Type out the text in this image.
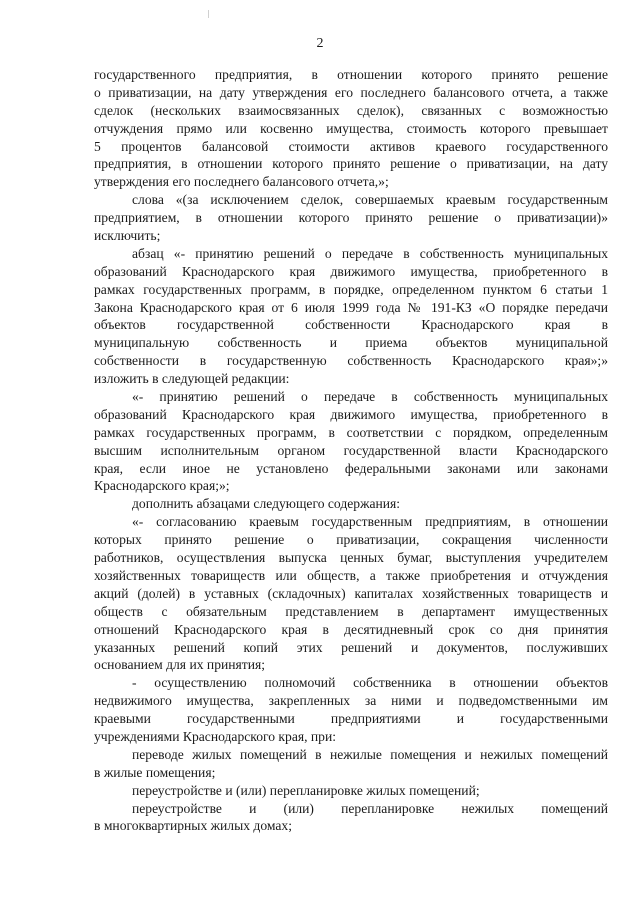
2
государственного предприятия, в отношении которого принято решение
о приватизации, на дату утверждения его последнего балансового отчета, а также
сделок (нескольких взаимосвязанных сделок), связанных с возможностью
отчуждения прямо или косвенно имущества, стоимость которого превышает
5 процентов балансовой стоимости активов краевого государственного
предприятия, в отношении которого принято решение о приватизации, на дату
утверждения его последнего балансового отчета,»;
слова «(за исключением сделок, совершаемых краевым государственным
предприятием, в отношении которого принято решение о приватизации)»
исключить;
абзац «- принятию решений о передаче в собственность муниципальных
образований Краснодарского края движимого имущества, приобретенного в
рамках государственных программ, в порядке, определенном пунктом 6 статьи 1
Закона Краснодарского края от 6 июля 1999 года № 191-КЗ «О порядке передачи
объектов государственной собственности Краснодарского края в
муниципальную собственность и приема объектов муниципальной
собственности в государственную собственность Краснодарского края»;»
изложить в следующей редакции:
«- принятию решений о передаче в собственность муниципальных
образований Краснодарского края движимого имущества, приобретенного в
рамках государственных программ, в соответствии с порядком, определенным
высшим исполнительным органом государственной власти Краснодарского
края, если иное не установлено федеральными законами или законами
Краснодарского края;»;
дополнить абзацами следующего содержания:
«- согласованию краевым государственным предприятиям, в отношении
которых принято решение о приватизации, сокращения численности
работников, осуществления выпуска ценных бумаг, выступления учредителем
хозяйственных товариществ или обществ, а также приобретения и отчуждения
акций (долей) в уставных (складочных) капиталах хозяйственных товариществ и
обществ с обязательным представлением в департамент имущественных
отношений Краснодарского края в десятидневный срок со дня принятия
указанных решений копий этих решений и документов, послуживших
основанием для их принятия;
- осуществлению полномочий собственника в отношении объектов
недвижимого имущества, закрепленных за ними и подведомственными им
краевыми государственными предприятиями и государственными
учреждениями Краснодарского края, при:
переводе жилых помещений в нежилые помещения и нежилых помещений
в жилые помещения;
переустройстве и (или) перепланировке жилых помещений;
переустройстве и (или) перепланировке нежилых помещений
в многоквартирных жилых домах;
